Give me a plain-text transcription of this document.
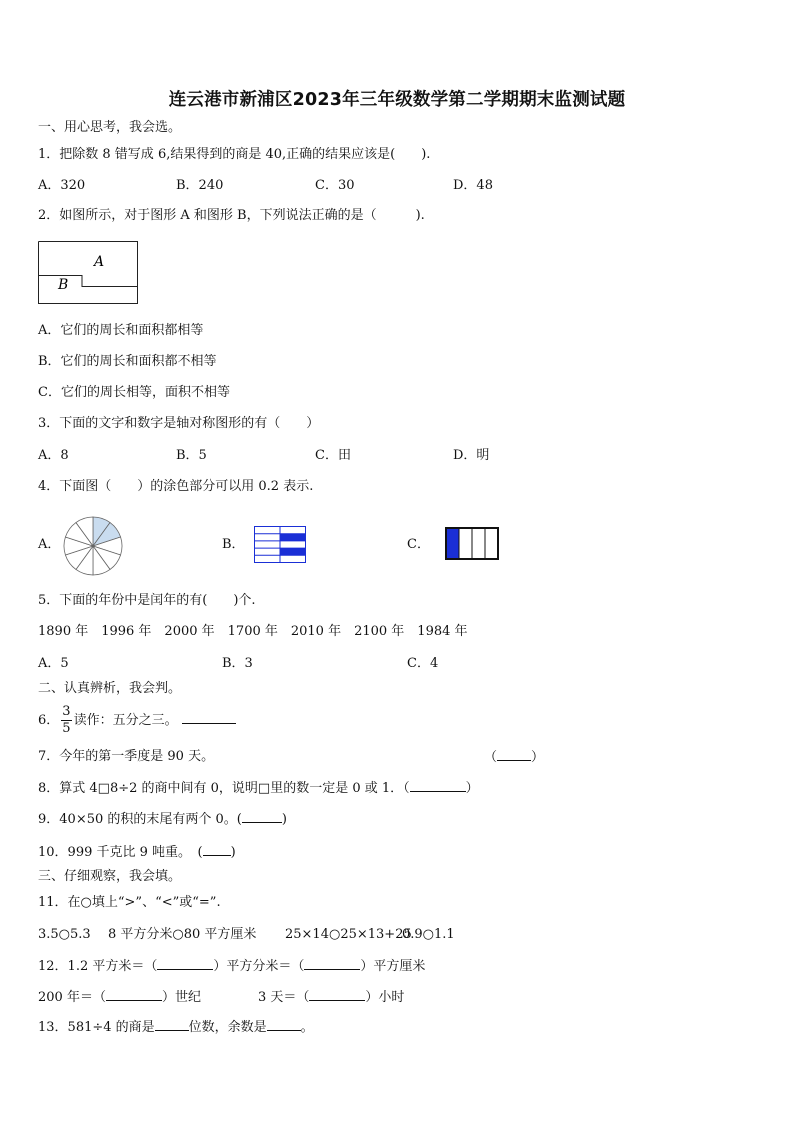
连云港市新浦区2023年三年级数学第二学期期末监测试题
一、用心思考，我会选。
1．把除数 8 错写成 6,结果得到的商是 40,正确的结果应该是(　　).
A．320	B．240	C．30	D．48
2．如图所示，对于图形 A 和图形 B，下列说法正确的是（　　　).
A
B
A．它们的周长和面积都相等
B．它们的周长和面积都不相等
C．它们的周长相等，面积不相等
3．下面的文字和数字是轴对称图形的有（　　）
A．8	B．5	C．田	D．明
4．下面图（　　）的涂色部分可以用 0.2 表示.
A．	B．	C．
5．下面的年份中是闰年的有(　　)个.
1890 年　1996 年　2000 年　1700 年　2010 年　2100 年　1984 年
A．5	B．3	C．4
二、认真辨析，我会判。
6． $\frac{3}{5}$ 读作：五分之三。
7．今年的第一季度是 90 天。	（	）
8．算式 4□8÷2 的商中间有 0，说明□里的数一定是 0 或 1．（	）
9．40×50 的积的末尾有两个 0。(	)
10．999 千克比 9 吨重。　( )
三、仔细观察，我会填。
11．在○填上“>”、“<”或“=”.
3.5○5.3 8 平方分米○80 平方厘米 25×14○25×13+25
0.9○1.1
12．1.2 平方米＝（	）平方分米＝（	）平方厘米
200 年＝（	）世纪	3 天＝（	）小时
13．581÷4 的商是	位数，余数是	。
